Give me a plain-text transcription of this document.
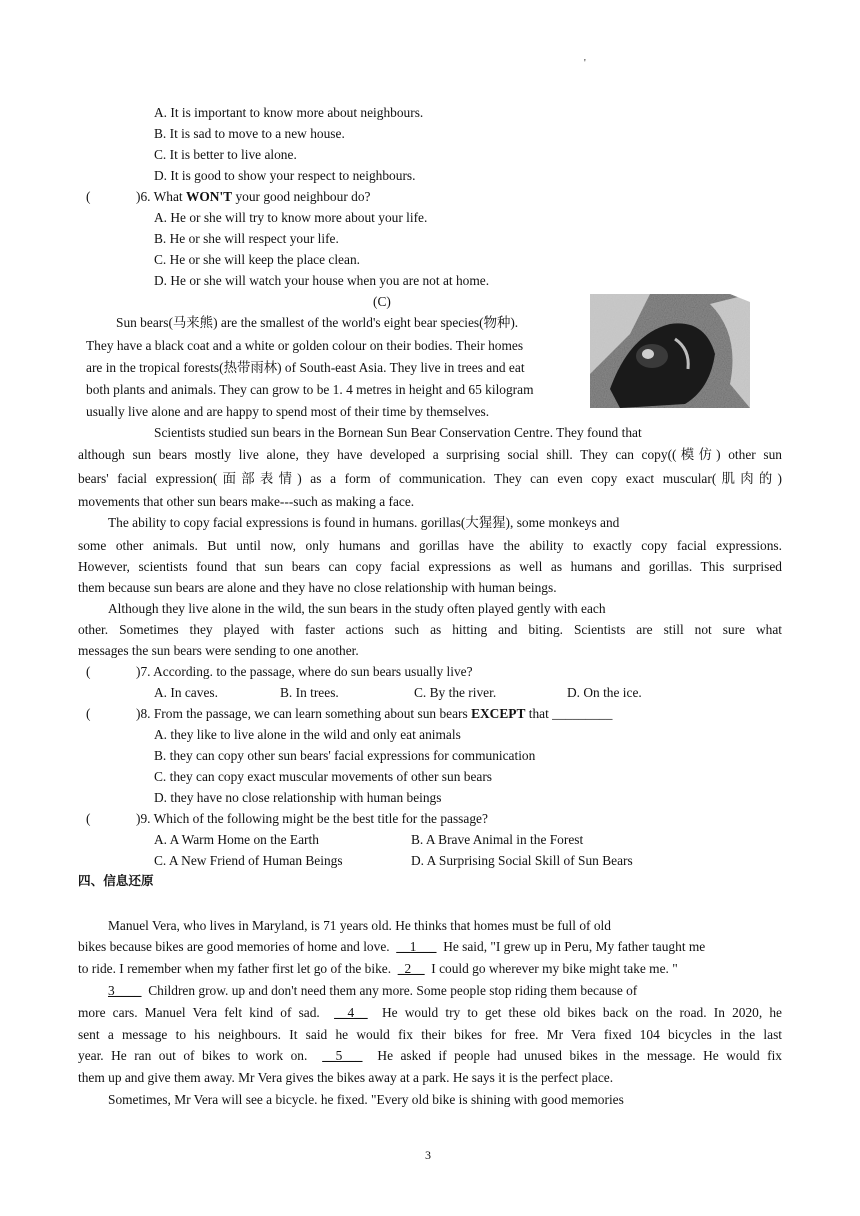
'
A. It is important to know more about neighbours.
B. It is sad to move to a new house.
C. It is better to live alone.
D. It is good to show your respect to neighbours.
(	)6. What WON'T your good neighbour do?
A. He or she will try to know more about your life.
B. He or she will respect your life.
C. He or she will keep the place clean.
D. He or she will watch your house when you are not at home.
(C)
Sun bears(马来熊) are the smallest of the world's eight bear species(物种).
They have a black coat and a white or golden colour on their bodies. Their homes
are in the tropical forests(热带雨林) of South-east Asia. They live in trees and eat
both plants and animals. They can grow to be 1. 4 metres in height and 65 kilogram
usually live alone and are happy to spend most of their time by themselves.
Scientists studied sun bears in the Bornean Sun Bear Conservation Centre. They found that
although sun bears mostly live alone, they have developed a surprising social shill. They can copy((模仿) other sun
bears' facial expression(面部表情) as a form of communication. They can even copy exact muscular(肌肉的)
movements that other sun bears make---such as making a face.
The ability to copy facial expressions is found in humans. gorillas(大猩猩), some monkeys and
some other animals. But until now, only humans and gorillas have the ability to exactly copy facial expressions.
However, scientists found that sun bears can copy facial expressions as well as humans and gorillas. This surprised
them because sun bears are alone and they have no close relationship with human beings.
Although they live alone in the wild, the sun bears in the study often played gently with each
other. Sometimes they played with faster actions such as hitting and biting. Scientists are still not sure what
messages the sun bears were sending to one another.
(	)7. According. to the passage, where do sun bears usually live?
A. In caves.	B. In trees.	C. By the river.	D. On the ice.
(	)8. From the passage, we can learn something about sun bears EXCEPT that _________
A. they like to live alone in the wild and only eat animals
B. they can copy other sun bears' facial expressions for communication
C. they can copy exact muscular movements of other sun bears
D. they have no close relationship with human beings
(	)9. Which of the following might be the best title for the passage?
A. A Warm Home on the Earth	B. A Brave Animal in the Forest
C. A New Friend of Human Beings	D. A Surprising Social Skill of Sun Bears
四、信息还原
Manuel Vera, who lives in Maryland, is 71 years old. He thinks that homes must be full of old
bikes because bikes are good memories of home and love. __1___ He said, "I grew up in Peru, My father taught me
to ride. I remember when my father first let go of the bike. _2__ I could go wherever my bike might take me. "
3____ Children grow. up and don't need them any more. Some people stop riding them because of
more cars. Manuel Vera felt kind of sad. __4__ He would try to get these old bikes back on the road. In 2020, he
sent a message to his neighbours. It said he would fix their bikes for free. Mr Vera fixed 104 bicycles in the last
year. He ran out of bikes to work on. __5___ He asked if people had unused bikes in the message. He would fix
them up and give them away. Mr Vera gives the bikes away at a park. He says it is the perfect place.
Sometimes, Mr Vera will see a bicycle. he fixed. "Every old bike is shining with good memories
3
